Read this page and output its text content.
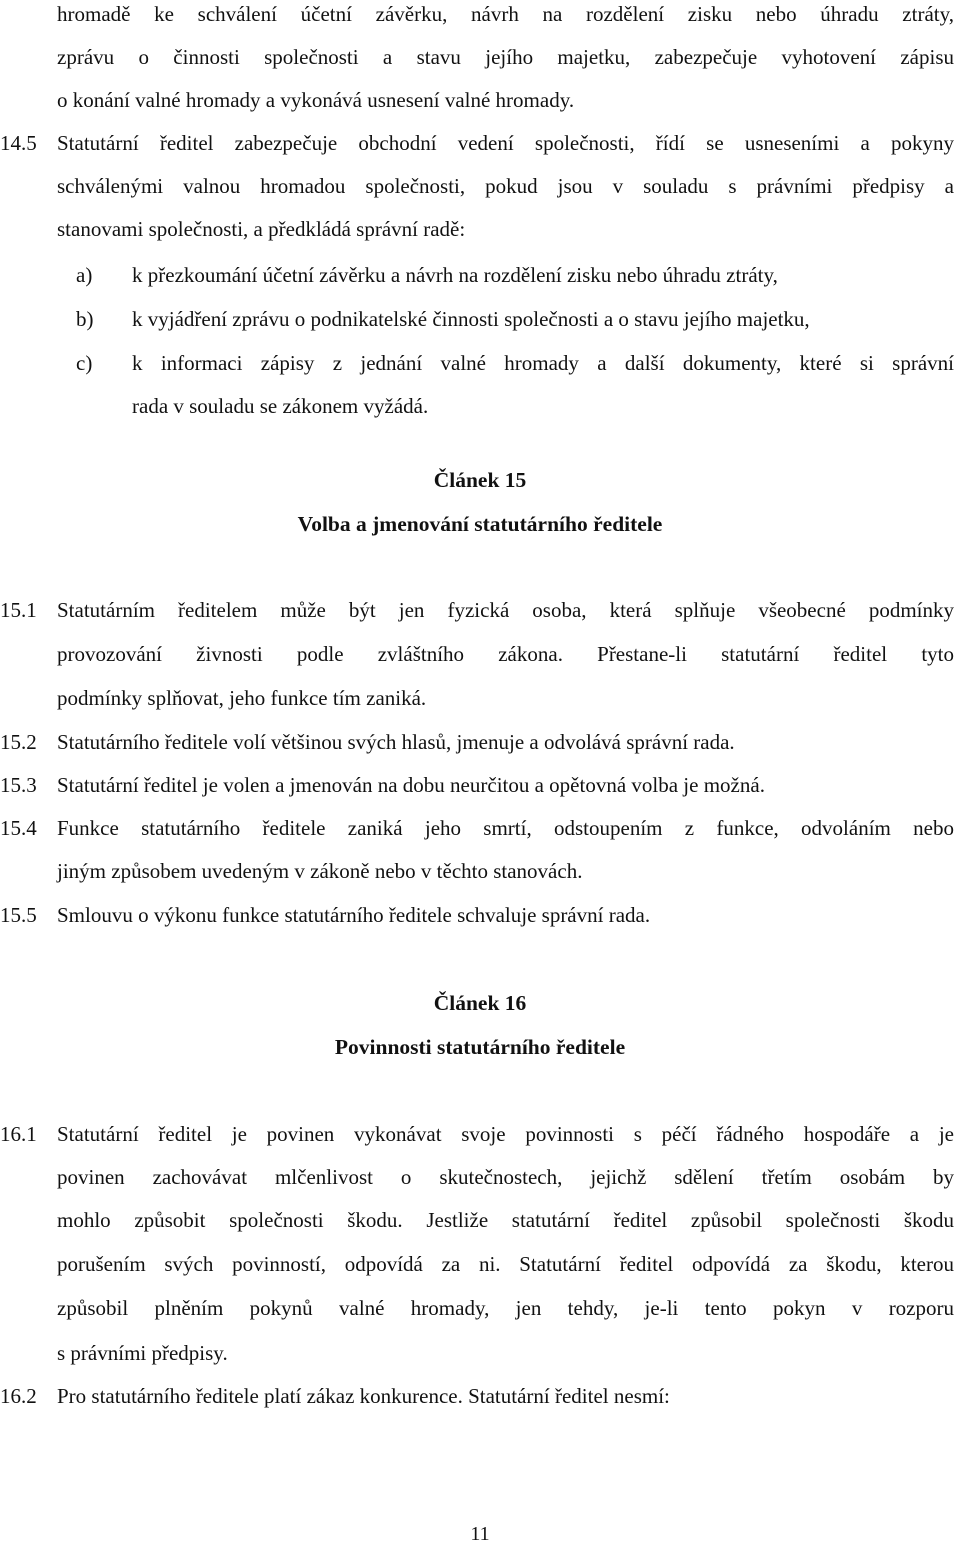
hromadě ke schválení účetní závěrku, návrh na rozdělení zisku nebo úhradu ztráty,
zprávu o činnosti společnosti a stavu jejího majetku, zabezpečuje vyhotovení zápisu
o konání valné hromady a vykonává usnesení valné hromady.
14.5 Statutární ředitel zabezpečuje obchodní vedení společnosti, řídí se usneseními a pokyny
schválenými valnou hromadou společnosti, pokud jsou v souladu s právními předpisy a
stanovami společnosti, a předkládá správní radě:
a) k přezkoumání účetní závěrku a návrh na rozdělení zisku nebo úhradu ztráty,
b) k vyjádření zprávu o podnikatelské činnosti společnosti a o stavu jejího majetku,
c) k informaci zápisy z jednání valné hromady a další dokumenty, které si správní
rada v souladu se zákonem vyžádá.
Článek 15
Volba a jmenování statutárního ředitele
15.1 Statutárním ředitelem může být jen fyzická osoba, která splňuje všeobecné podmínky
provozování živnosti podle zvláštního zákona. Přestane-li statutární ředitel tyto
podmínky splňovat, jeho funkce tím zaniká.
15.2 Statutárního ředitele volí většinou svých hlasů, jmenuje a odvolává správní rada.
15.3 Statutární ředitel je volen a jmenován na dobu neurčitou a opětovná volba je možná.
15.4 Funkce statutárního ředitele zaniká jeho smrtí, odstoupením z funkce, odvoláním nebo
jiným způsobem uvedeným v zákoně nebo v těchto stanovách.
15.5 Smlouvu o výkonu funkce statutárního ředitele schvaluje správní rada.
Článek 16
Povinnosti statutárního ředitele
16.1 Statutární ředitel je povinen vykonávat svoje povinnosti s péčí řádného hospodáře a je
povinen zachovávat mlčenlivost o skutečnostech, jejichž sdělení třetím osobám by
mohlo způsobit společnosti škodu. Jestliže statutární ředitel způsobil společnosti škodu
porušením svých povinností, odpovídá za ni. Statutární ředitel odpovídá za škodu, kterou
způsobil plněním pokynů valné hromady, jen tehdy, je-li tento pokyn v rozporu
s právními předpisy.
16.2 Pro statutárního ředitele platí zákaz konkurence. Statutární ředitel nesmí:
11
